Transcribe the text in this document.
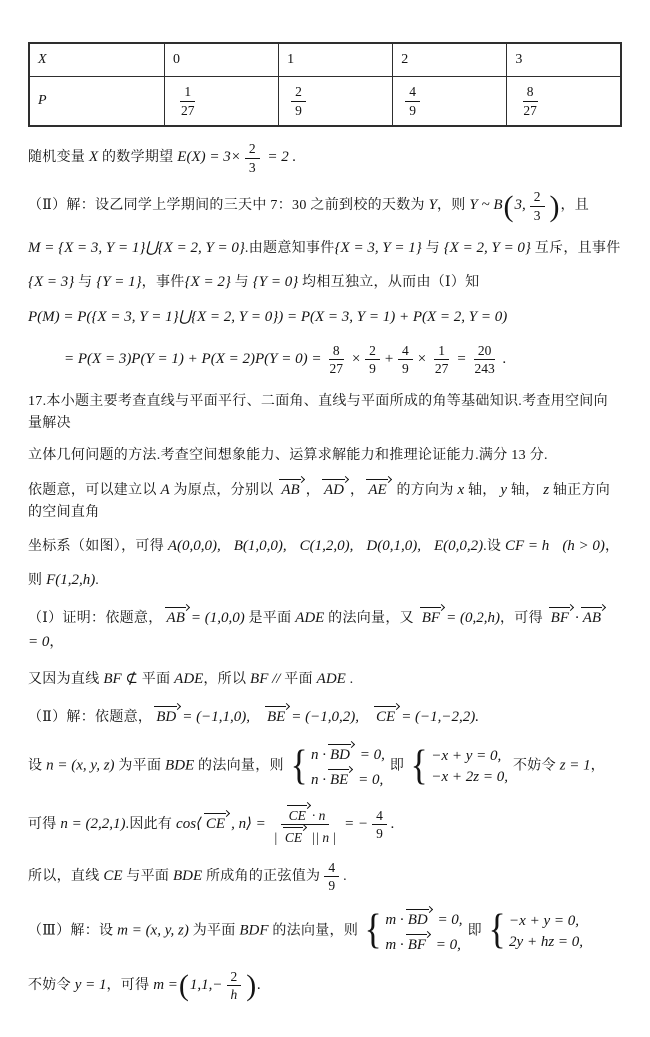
X	0	1	2	3
P	$\frac{1}{27}$	$\frac{2}{9}$	$\frac{4}{9}$	$\frac{8}{27}$
随机变量 X 的数学期望 $E(X) = 3\times \frac{2}{3} = 2$ .
（Ⅱ）解：设乙同学上学期间的三天中 7：30 之前到校的天数为 Y，则 Y ~ B(3, $\frac{2}{3}$ )，且
M = {X = 3, Y = 1}⋃{X = 2, Y = 0}.由题意知事件{X = 3, Y = 1} 与 {X = 2, Y = 0} 互斥，且事件
{X = 3} 与 {Y = 1}，事件{X = 2} 与 {Y = 0} 均相互独立，从而由（Ⅰ）知
P(M) = P({X = 3, Y = 1}⋃{X = 2, Y = 0}) = P(X = 3, Y = 1) + P(X = 2, Y = 0)
= $P(X = 3)P(Y = 1) + P(X = 2)P(Y = 0) = \frac{8}{27} \times \frac{2}{9} + \frac{4}{9} \times \frac{1}{27} = \frac{20}{243}$ .
17.本小题主要考查直线与平面平行、二面角、直线与平面所成的角等基础知识.考查用空间向量解决
立体几何问题的方法.考查空间想象能力、运算求解能力和推理论证能力.满分 13 分.
依题意，可以建立以 A 为原点，分别以 AB ， AD ， AE 的方向为 x 轴， y 轴， z 轴正方向的空间直角
坐标系（如图），可得 A(0,0,0), B(1,0,0), C(1,2,0), D(0,1,0), E(0,0,2).设 CF = h (h > 0)，
则 F(1,2,h).
（Ⅰ）证明：依题意， AB = (1,0,0) 是平面 ADE 的法向量，又 BF = (0,2,h)，可得 BF · AB= 0，
又因为直线 BF ⊄ 平面 ADE，所以 BF // 平面 ADE .
（Ⅱ）解：依题意， BD = (−1,1,0), BE = (−1,0,2), CE = (−1,−2,2).
设 n = (x, y, z) 为平面 BDE 的法向量，则 { n · BD = 0,
n · BE = 0,
即 { −x + y = 0,
−x + 2z = 0,
不妨令 z = 1，
可得 n = (2,2,1).因此有 cos⟨ CE , n⟩ = $\frac{CE \cdot n}{| CE || n |}$ = − $\frac{4}{9}$ .
所以，直线 CE 与平面 BDE 所成角的正弦值为 $\frac{4}{9}$ .
（Ⅲ）解：设 m = (x, y, z) 为平面 BDF 的法向量，则 { m · BD = 0,
m · BF = 0,
即 { −x + y = 0,
2y + hz = 0,
不妨令 y = 1，可得 $m =(1,1,- \frac{2}{h}$ ).
